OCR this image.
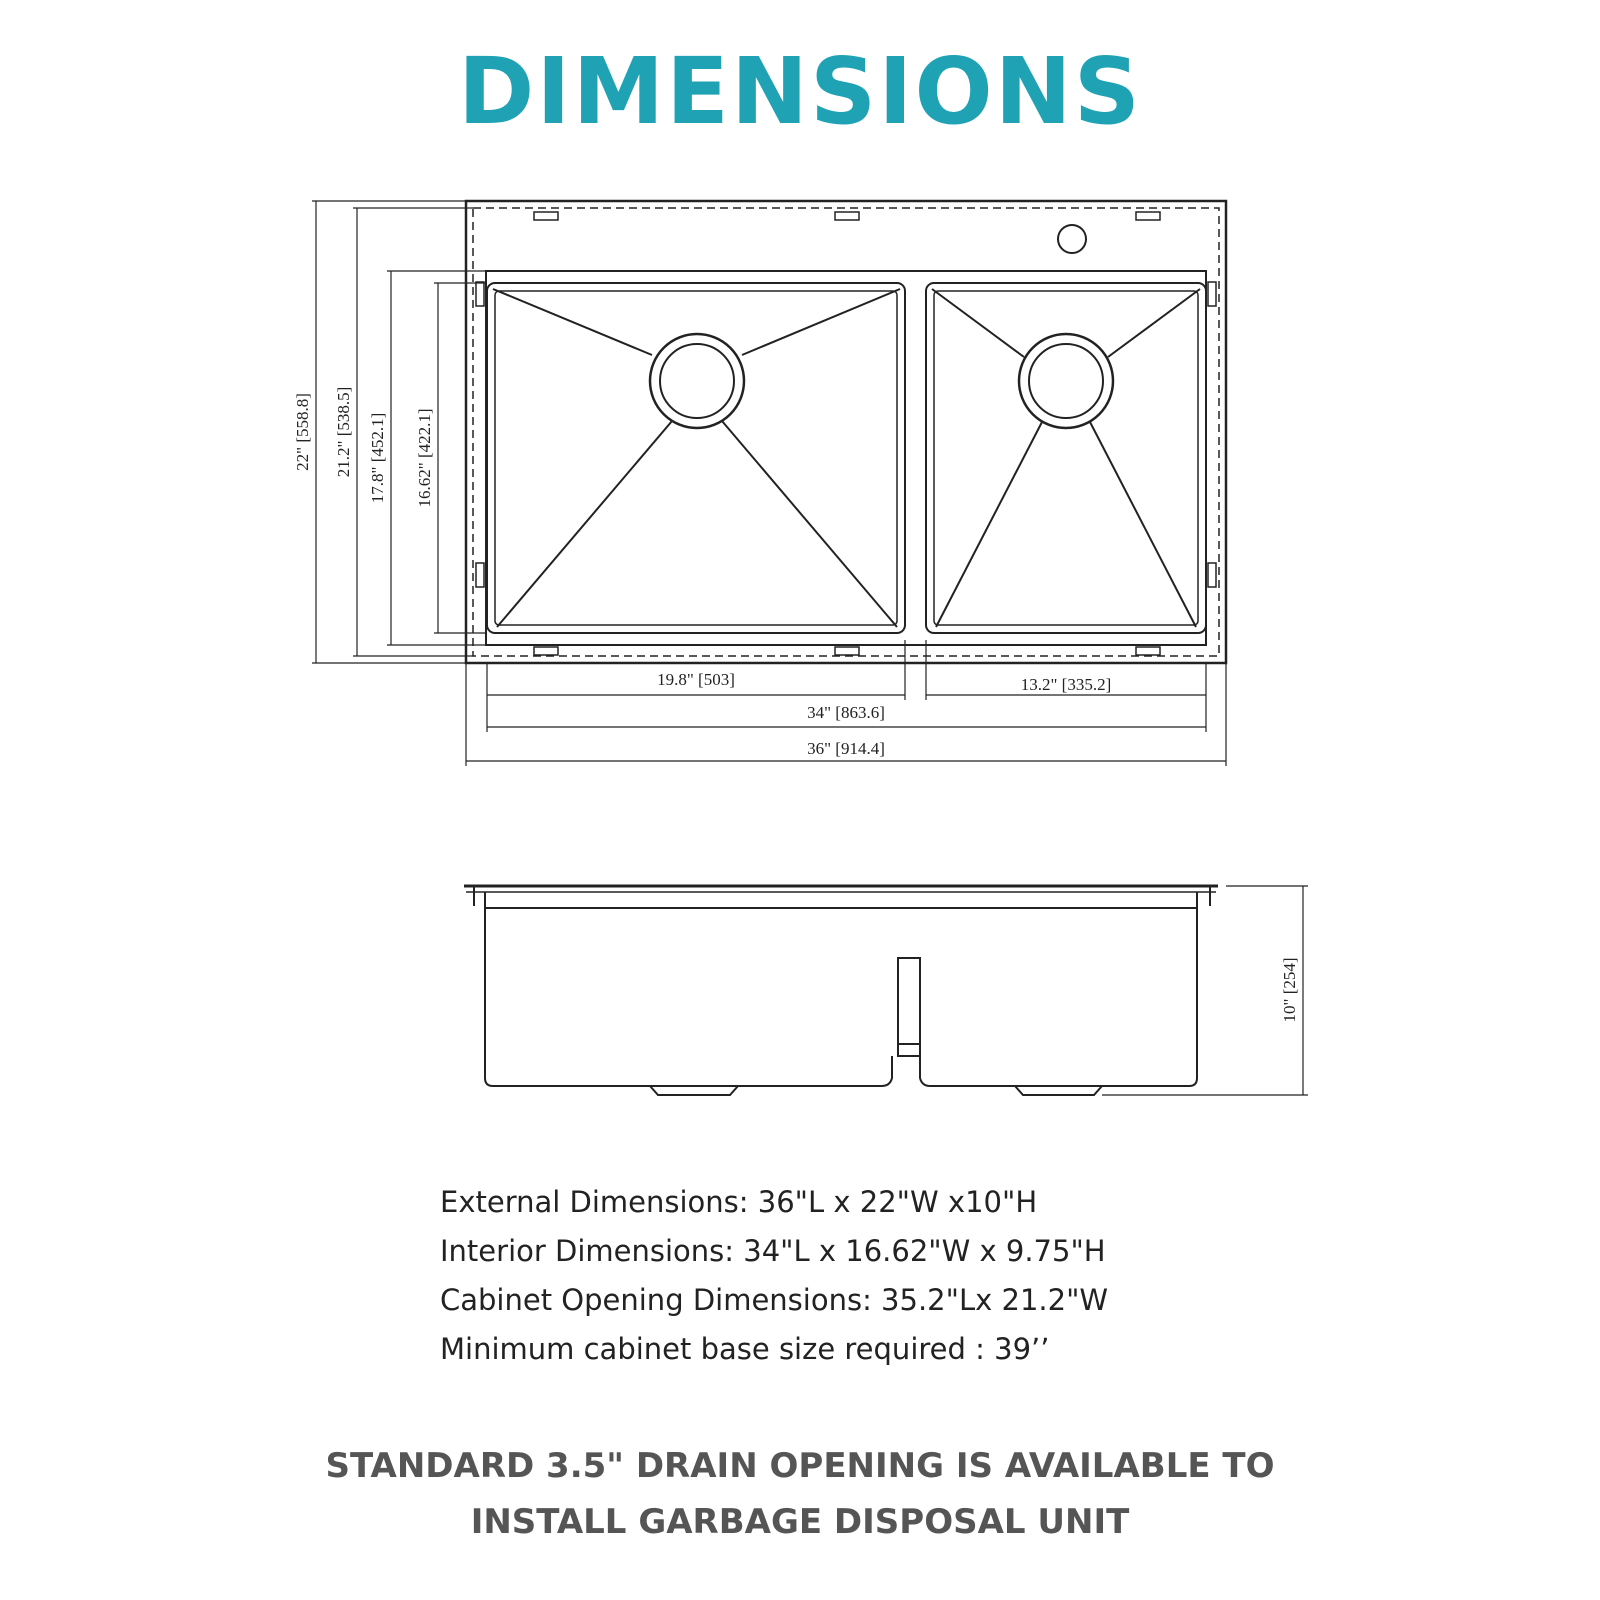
DIMENSIONS
22" [558.8] 21.2" [538.5] 17.8" [452.1] 16.62" [422.1]
19.8" [503]	13.2" [335.2]
34" [863.6]
36" [914.4]
10" [254]
External Dimensions: 36"L x 22"W x10"H
Interior Dimensions: 34"L x 16.62"W x 9.75"H
Cabinet Opening Dimensions: 35.2"Lx 21.2"W
Minimum cabinet base size required : 39’’
STANDARD 3.5" DRAIN OPENING IS AVAILABLE TO
INSTALL GARBAGE DISPOSAL UNIT
